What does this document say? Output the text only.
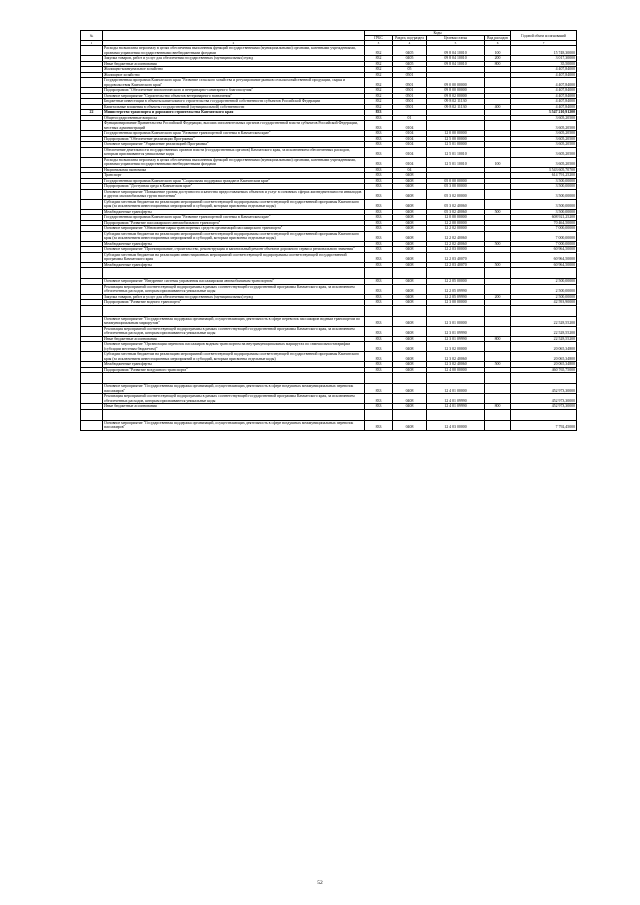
№		Коды				Годовой объем ассигнований
		ГРБС	Раздел, под-раздел	Целевая статья	Вид расходов	
1	2	3	4	5	6	7
	Расходы на выплаты персоналу в целях обеспечения выполнения функций государственными (муниципальными) органами, казенными учреждениями, органами управления государственными внебюджетными фондами	832	0405	09 8 04 10010	100	15 748,30000
	Закупка товаров, работ и услуг для обеспечения государственных (муниципальных) нужд	832	0405	09 8 04 10010	200	3 017,30000
	Иные бюджетные ассигнования	832	0405	09 8 04 10010	800	35,50000
	Жилищно-коммунальное хозяйство	832	05			4 407,84000
	Жилищное хозяйство	832	0501			4 407,84000
	Государственная программа Камчатского края "Развитие сельского хозяйства и регулирование рынков сельскохозяйственной продукции, сырья и продовольствия Камчатского края"	832	0501	09 0 00 00000		4 407,84000
	Подпрограмма "Обеспечение эпизоотического и ветеринарно-санитарного благополучия"	832	0501	09 8 00 00000		4 407,84000
	Основное мероприятие "Строительство объектов ветеринарного назначения"	832	0501	09 8 02 00000		4 407,84000
	Бюджетные инвестиции в объекты капитального строительства государственной собственности субъектов Российской Федерации	832	0501	09 8 02 11130		4 407,84000
	Капитальные вложения в объекты государственной (муниципальной) собственности	832	0501	09 8 02 11130	400	4 407,84000
22	Министерство транспорта и дорожного строительства Камчатского края	833				3 547 210,91200
	Общегосударственные вопросы	833	01			3 605,20500
	Функционирование Правительства Российской Федерации, высших исполнительных органов государственной власти субъектов Российской Федерации, местных администраций	833	0104			3 605,20500
	Государственная программа Камчатского края "Развитие транспортной системы в Камчатском крае"	833	0104	12 0 00 00000		3 605,20500
	Подпрограмма "Обеспечение реализации Программы"	833	0104	12 5 00 00000		3 605,20500
	Основное мероприятие "Управление реализацией Программы"	833	0104	12 5 01 00000		3 605,20500
	Обеспечение деятельности государственных органов власти (государственных органов) Камчатского края, за исключением обеспеченных расходов, которым присваиваются уникальные коды	833	0104	12 5 01 10010		3 605,20500
	Расходы на выплаты персоналу в целях обеспечения выполнения функций государственными (муниципальными) органами, казенными учреждениями, органами управления государственными внебюджетными фондами	833	0104	12 5 01 10010	100	3 605,20500
	Национальная экономика	833	04			3 543 605,70700
	Транспорт	833	0408			614 791,25200
	Государственная программа Камчатского края "Социальная поддержка граждан в Камчатском крае"	833	0408	05 0 00 00000		3 500,00000
	Подпрограмма "Доступная среда в Камчатском крае"	833	0408	05 3 00 00000		3 500,00000
	Основное мероприятие "Повышение уровня доступности и качества предоставляемых объектов и услуг в основных сферах жизнедеятельности инвалидов и других маломобильных групп населения"	833	0408	05 3 02 00000		3 500,00000
	Субсидии местным бюджетам на реализацию мероприятий соответствующей подпрограммы соответствующей государственной программы Камчатского края (за исключением инвестиционных мероприятий и субсидий, которым присвоены отдельные коды)	833	0408	05 3 02 40060		3 500,00000
	Межбюджетные трансферты	833	0408	05 3 02 40060	500	3 500,00000
	Государственная программа Камчатского края "Развитие транспортной системы в Камчатском крае"	833	0408	12 0 00 00000		608 921,25200
	Подпрограмма "Развитие пассажирского автомобильного транспорта"	833	0408	12 2 00 00000		70 464,50000
	Основное мероприятие "Обновление парка транспортных средств организаций пассажирского транспорта"	833	0408	12 2 02 00000		7 000,00000
	Субсидии местным бюджетам на реализацию мероприятий соответствующей подпрограммы соответствующей государственной программы Камчатского края (за исключением инвестиционных мероприятий и субсидий, которым присвоены отдельные коды)	833	0408	12 2 02 40060		7 000,00000
	Межбюджетные трансферты	833	0408	12 2 02 40060	500	7 000,00000
	Основное мероприятие "Проектирование, строительство, реконструкция и капитальный ремонт объектов дорожного сервиса регионального значения"	833	0408	12 2 03 00000		60 964,50000
	Субсидии местным бюджетам на реализацию инвестиционных мероприятий соответствующей подпрограммы соответствующей государственной программы Камчатского края	833	0408	12 2 03 40070		60 964,50000
	Межбюджетные трансферты	833	0408	12 2 03 40070	500	60 964,50000

	Основное мероприятие "Внедрение системы управления пассажирским автомобильным транспортом"	833	0408	12 2 05 00000		2 500,00000
	Реализация мероприятий соответствующей подпрограммы в рамках соответствующей государственной программы Камчатского края, за исключением обеспеченных расходов, которым присваиваются уникальные коды	833	0408	12 2 05 09990		2 500,00000
	Закупка товаров, работ и услуг для обеспечения государственных (муниципальных) нужд	833	0408	12 2 05 09990	200	2 500,00000
	Подпрограмма "Развитие водного транспорта"	833	0408	12 3 00 00000		42 593,90000

	Основное мероприятие "Государственная поддержка организаций, осуществляющих деятельность в сфере перевозок пассажиров водным транспортом по межмуниципальным маршрутам"	833	0408	12 3 01 00000		22 528,55200
	Реализация мероприятий соответствующей подпрограммы в рамках соответствующей государственной программы Камчатского края, за исключением обеспеченных расходов, которым присваиваются уникальные коды	833	0408	12 3 01 09990		22 528,55200
	Иные бюджетные ассигнования	833	0408	12 3 01 09990	800	22 528,55200
	Основное мероприятие "Организация перевозок пассажиров водным транспортом на внутримуниципальных маршрутах по свмешольностатарифам (субсидии местным бюджетам)"	833	0408	12 3 02 00000		20 065,34800
	Субсидии местным бюджетам на реализацию мероприятий соответствующей подпрограммы соответствующей государственной программы Камчатского края (за исключением инвестиционных мероприятий и субсидий, которым присвоены отдельные коды)	833	0408	12 3 02 40060		20 065,34800
	Межбюджетные трансферты	833	0408	12 3 02 40060	500	20 065,34800
	Подпрограмма "Развитие воздушного транспорта"	833	0408	12 4 00 00000		460 765,75000

	Основное мероприятие "Государственная поддержка организаций, осуществляющих деятельность в сфере воздушных межмуниципальных перевозок пассажиров"	833	0408	12 4 01 00000		452 973,30000
	Реализация мероприятий соответствующей подпрограммы в рамках соответствующей государственной программы Камчатского края, за исключением обеспеченных расходов, которым присваиваются уникальные коды	833	0408	12 4 01 09990		452 973,30000
	Иные бюджетные ассигнования	833	0408	12 4 01 09990	800	452 973,30000

	Основное мероприятие "Государственная поддержка организаций, осуществляющих деятельность в сфере воздушных межмуниципальных перевозок пассажиров"	833	0408	12 4 03 00000		7 792,45000
52
